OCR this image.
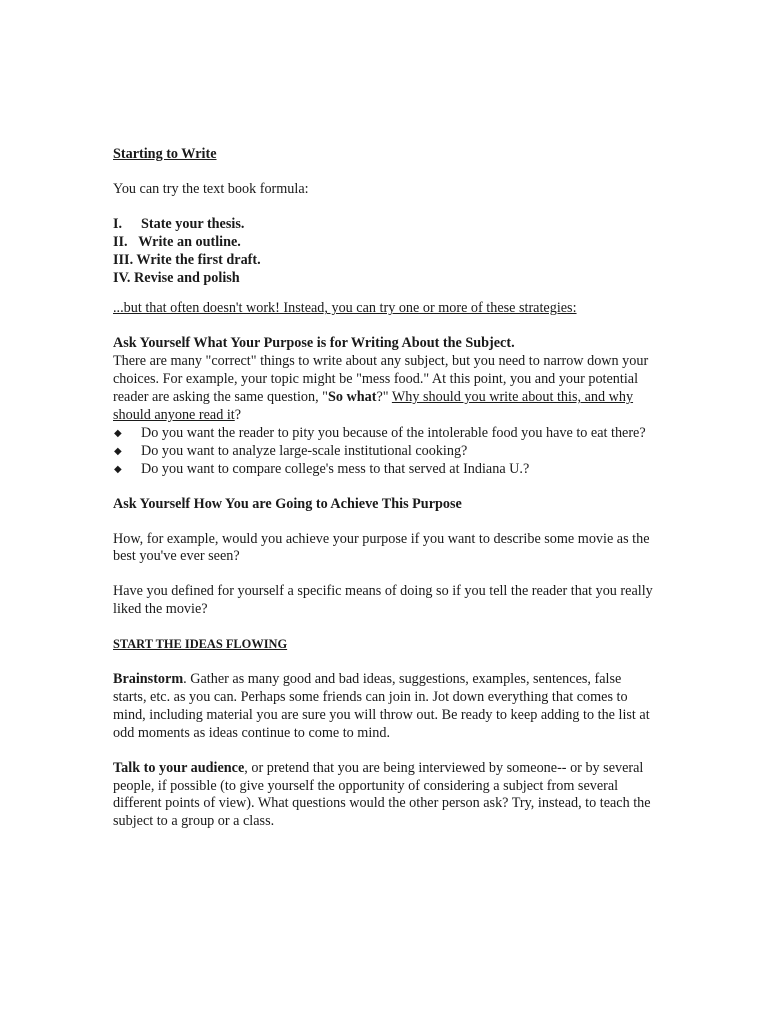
Starting to Write

You can try the text book formula:

I. State your thesis.
II. Write an outline.
III. Write the first draft.
IV. Revise and polish

...but that often doesn't work! Instead, you can try one or more of these strategies:

Ask Yourself What Your Purpose is for Writing About the Subject.

There are many "correct" things to write about any subject, but you need to narrow down your choices. For example, your topic might be "mess food." At this point, you and your potential reader are asking the same question, "So what?" Why should you write about this, and why should anyone read it?

◆ Do you want the reader to pity you because of the intolerable food you have to eat there?
◆ Do you want to analyze large-scale institutional cooking?
◆ Do you want to compare college's mess to that served at Indiana U.?

Ask Yourself How You are Going to Achieve This Purpose

How, for example, would you achieve your purpose if you want to describe some movie as the best you've ever seen?

Have you defined for yourself a specific means of doing so if you tell the reader that you really liked the movie?

START THE IDEAS FLOWING

Brainstorm. Gather as many good and bad ideas, suggestions, examples, sentences, false starts, etc. as you can. Perhaps some friends can join in. Jot down everything that comes to mind, including material you are sure you will throw out. Be ready to keep adding to the list at odd moments as ideas continue to come to mind.

Talk to your audience, or pretend that you are being interviewed by someone-- or by several people, if possible (to give yourself the opportunity of considering a subject from several different points of view). What questions would the other person ask? Try, instead, to teach the subject to a group or a class.
